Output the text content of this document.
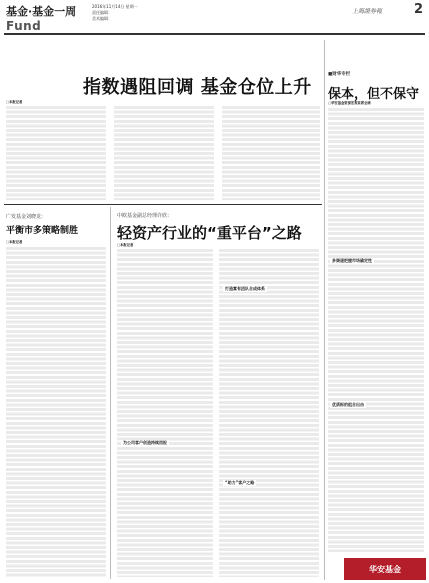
基金·基金一周
Fund
2016年11月14日 星期一
责任编辑：
美术编辑：
上海證券報 2
指数遇阻回调 基金仓位上升
□本报记者
广发基金刘晓龙：
平衡市多策略制胜
□本报记者
中欧基金副总经理许欣：
轻资产行业的“重平台”之路
□本报记者
打造富有团队合成体系
为公司客户创造持续回报
“助力”客户之路
■财华专栏
保本，但不保守
□华安基金资深宏观首席全球
多渠道把握市场确定性
优质标的组合出击
华安基金
